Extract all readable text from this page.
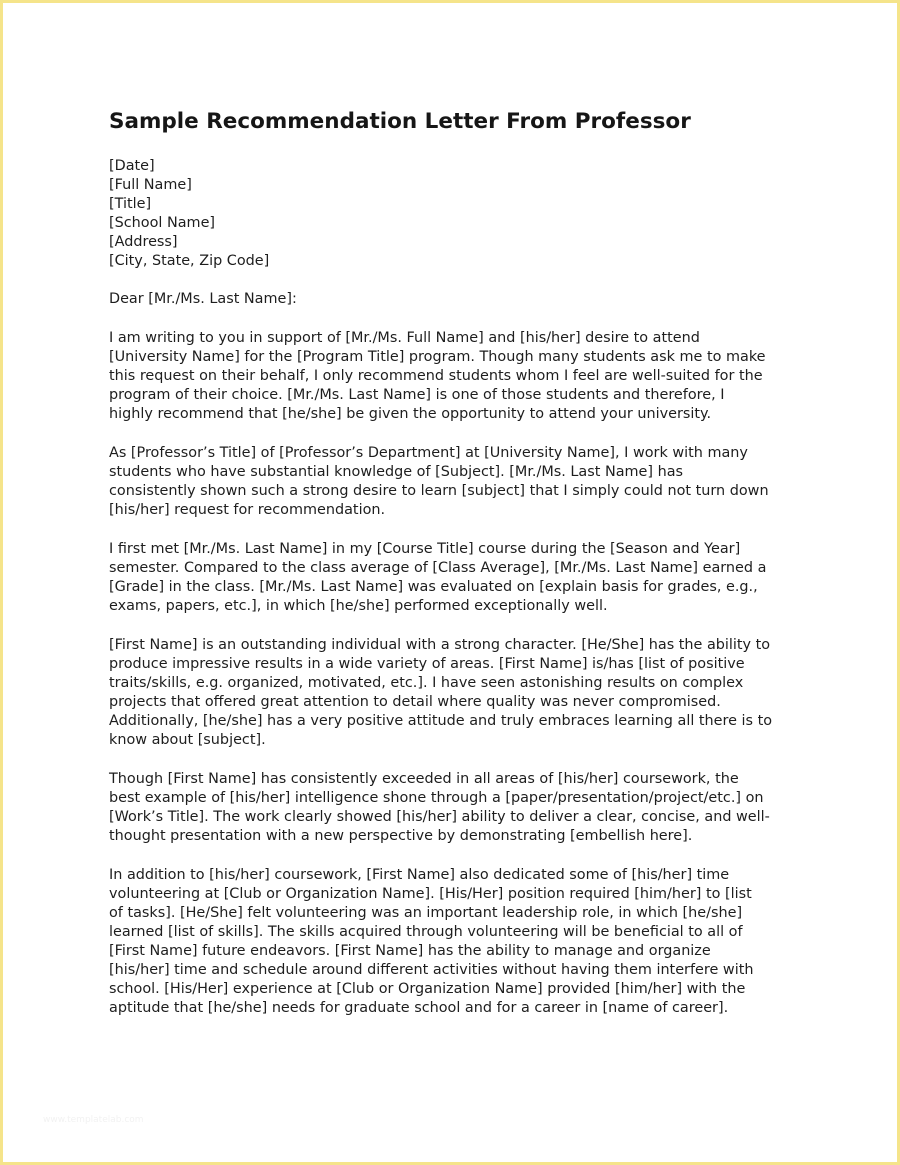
Sample Recommendation Letter From Professor
[Date]
[Full Name]
[Title]
[School Name]
[Address]
[City, State, Zip Code]
Dear [Mr./Ms. Last Name]:
I am writing to you in support of [Mr./Ms. Full Name] and [his/her] desire to attend
[University Name] for the [Program Title] program. Though many students ask me to make
this request on their behalf, I only recommend students whom I feel are well-suited for the
program of their choice. [Mr./Ms. Last Name] is one of those students and therefore, I
highly recommend that [he/she] be given the opportunity to attend your university.
As [Professor’s Title] of [Professor’s Department] at [University Name], I work with many
students who have substantial knowledge of [Subject]. [Mr./Ms. Last Name] has
consistently shown such a strong desire to learn [subject] that I simply could not turn down
[his/her] request for recommendation.
I first met [Mr./Ms. Last Name] in my [Course Title] course during the [Season and Year]
semester. Compared to the class average of [Class Average], [Mr./Ms. Last Name] earned a
[Grade] in the class. [Mr./Ms. Last Name] was evaluated on [explain basis for grades, e.g.,
exams, papers, etc.], in which [he/she] performed exceptionally well.
[First Name] is an outstanding individual with a strong character. [He/She] has the ability to
produce impressive results in a wide variety of areas. [First Name] is/has [list of positive
traits/skills, e.g. organized, motivated, etc.]. I have seen astonishing results on complex
projects that offered great attention to detail where quality was never compromised.
Additionally, [he/she] has a very positive attitude and truly embraces learning all there is to
know about [subject].
Though [First Name] has consistently exceeded in all areas of [his/her] coursework, the
best example of [his/her] intelligence shone through a [paper/presentation/project/etc.] on
[Work’s Title]. The work clearly showed [his/her] ability to deliver a clear, concise, and well-
thought presentation with a new perspective by demonstrating [embellish here].
In addition to [his/her] coursework, [First Name] also dedicated some of [his/her] time
volunteering at [Club or Organization Name]. [His/Her] position required [him/her] to [list
of tasks]. [He/She] felt volunteering was an important leadership role, in which [he/she]
learned [list of skills]. The skills acquired through volunteering will be beneficial to all of
[First Name] future endeavors. [First Name] has the ability to manage and organize
[his/her] time and schedule around different activities without having them interfere with
school. [His/Her] experience at [Club or Organization Name] provided [him/her] with the
aptitude that [he/she] needs for graduate school and for a career in [name of career].
www.templatelab.com
